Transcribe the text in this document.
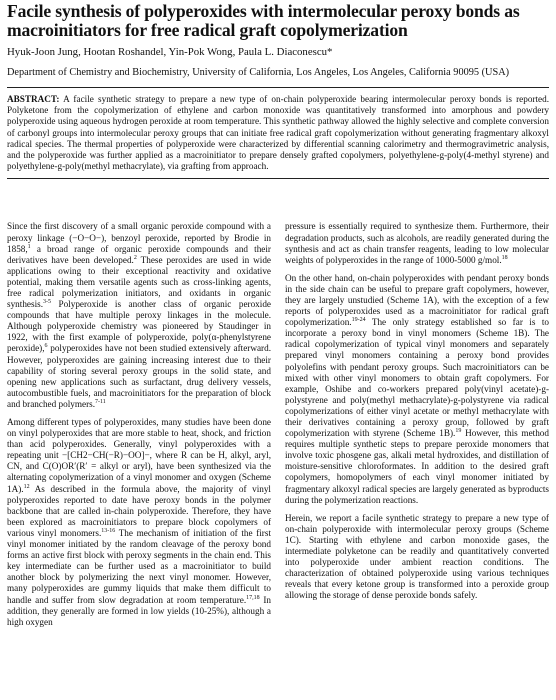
Facile synthesis of polyperoxides with intermolecular peroxy bonds as macroinitiators for free radical graft copolymerization
Hyuk-Joon Jung, Hootan Roshandel, Yin-Pok Wong, Paula L. Diaconescu*
Department of Chemistry and Biochemistry, University of California, Los Angeles, Los Angeles, California 90095 (USA)
ABSTRACT: A facile synthetic strategy to prepare a new type of on-chain polyperoxide bearing intermolecular peroxy bonds is reported. Polyketone from the copolymerization of ethylene and carbon monoxide was quantitatively transformed into amorphous and powdery polyperoxide using aqueous hydrogen peroxide at room temperature. This synthetic pathway allowed the highly selective and complete conversion of carbonyl groups into intermolecular peroxy groups that can initiate free radical graft copolymerization without generating fragmentary alkoxyl radical species. The thermal properties of polyperoxide were characterized by differential scanning calorimetry and thermogravimetric analysis, and the polyperoxide was further applied as a macroinitiator to prepare densely grafted copolymers, polyethylene-g-poly(4-methyl styrene) and polyethylene-g-poly(methyl methacrylate), via grafting from approach.

Since the first discovery of a small organic peroxide compound with a peroxy linkage (−O−O−), benzoyl peroxide, reported by Brodie in 1858,$^1$ a broad range of organic peroxide compounds and their derivatives have been developed.$^2$ These peroxides are used in wide applications owing to their exceptional reactivity and oxidative potential, making them versatile agents such as cross-linking agents, free radical polymerization initiators, and oxidants in organic synthesis.$^{3-5}$ Polyperoxide is another class of organic peroxide compounds that have multiple peroxy linkages in the molecule. Although polyperoxide chemistry was pioneered by Staudinger in 1922, with the first example of polyperoxide, poly(α-phenylstyrene peroxide),$^6$ polyperoxides have not been studied extensively afterward. However, polyperoxides are gaining increasing interest due to their capability of storing several peroxy groups in the solid state, and opening new applications such as surfactant, drug delivery vessels, autocombustible fuels, and macroinitiators for the preparation of block and branched polymers.$^{7-11}$

Among different types of polyperoxides, many studies have been done on vinyl polyperoxides that are more stable to heat, shock, and friction than acid polyperoxides. Generally, vinyl polyperoxides with a repeating unit −[CH2−CH(−R)−OO]−, where R can be H, alkyl, aryl, CN, and C(O)OR′(R′ = alkyl or aryl), have been synthesized via the alternating copolymerization of a vinyl monomer and oxygen (Scheme 1A).$^{12}$ As described in the formula above, the majority of vinyl polyperoxides reported to date have peroxy bonds in the polymer backbone that are called in-chain polyperoxide. Therefore, they have been explored as macroinitiators to prepare block copolymers of various vinyl monomers.$^{13-16}$ The mechanism of initiation of the first vinyl monomer initiated by the random cleavage of the peroxy bond forms an active first block with peroxy segments in the chain end. This key intermediate can be further used as a macroinitiator to build another block by polymerizing the next vinyl monomer. However, many polyperoxides are gummy liquids that make them difficult to handle and suffer from slow degradation at room temperature.$^{17,18}$ In addition, they generally are formed in low yields (10-25%), although a high oxygen

pressure is essentially required to synthesize them. Furthermore, their degradation products, such as alcohols, are readily generated during the synthesis and act as chain transfer reagents, leading to low molecular weights of polyperoxides in the range of 1000-5000 g/mol.$^{18}$

On the other hand, on-chain polyperoxides with pendant peroxy bonds in the side chain can be useful to prepare graft copolymers, however, they are largely unstudied (Scheme 1A), with the exception of a few reports of polyperoxides used as a macroinitiator for radical graft copolymerization.$^{19-24}$ The only strategy established so far is to incorporate a peroxy bond in vinyl monomers (Scheme 1B). The radical copolymerization of typical vinyl monomers and separately prepared vinyl monomers containing a peroxy bond provides polyolefins with pendant peroxy groups. Such macroinitiators can be mixed with other vinyl monomers to obtain graft copolymers. For example, Oshibe and co-workers prepared poly(vinyl acetate)-g-polystyrene and poly(methyl methacrylate)-g-polystyrene via radical copolymerizations of either vinyl acetate or methyl methacrylate with their derivatives containing a peroxy group, followed by graft copolymerization with styrene (Scheme 1B).$^{19}$ However, this method requires multiple synthetic steps to prepare peroxide monomers that involve toxic phosgene gas, alkali metal hydroxides, and distillation of moisture-sensitive chloroformates. In addition to the desired graft copolymers, homopolymers of each vinyl monomer initiated by fragmentary alkoxyl radical species are largely generated as byproducts during the polymerization reactions.

Herein, we report a facile synthetic strategy to prepare a new type of on-chain polyperoxide with intermolecular peroxy groups (Scheme 1C). Starting with ethylene and carbon monoxide gases, the intermediate polyketone can be readily and quantitatively converted into polyperoxide under ambient reaction conditions. The characterization of obtained polyperoxide using various techniques reveals that every ketone group is transformed into a peroxide group allowing the storage of dense peroxide bonds safely.
